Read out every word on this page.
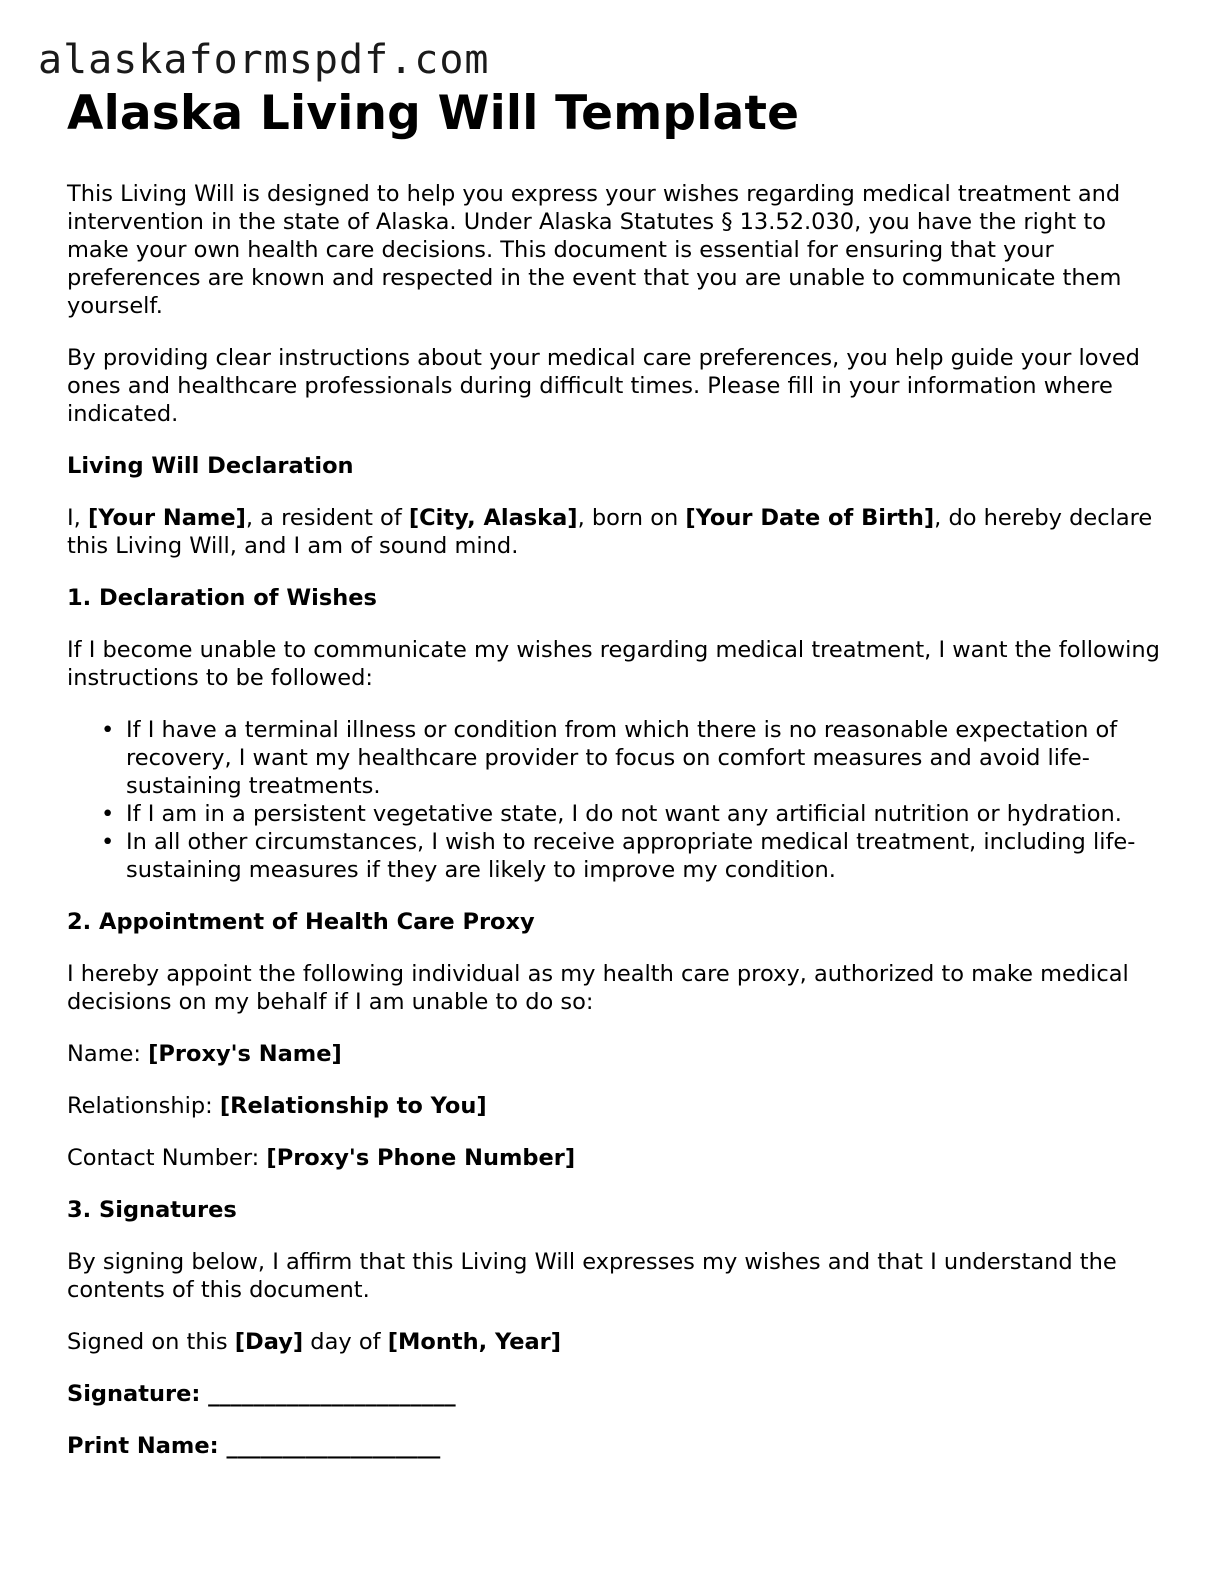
alaskaformspdf.com
Alaska Living Will Template

This Living Will is designed to help you express your wishes regarding medical treatment and intervention in the state of Alaska. Under Alaska Statutes § 13.52.030, you have the right to make your own health care decisions. This document is essential for ensuring that your preferences are known and respected in the event that you are unable to communicate them yourself.

By providing clear instructions about your medical care preferences, you help guide your loved ones and healthcare professionals during difficult times. Please fill in your information where indicated.

Living Will Declaration

I, [Your Name], a resident of [City, Alaska], born on [Your Date of Birth], do hereby declare this Living Will, and I am of sound mind.

1. Declaration of Wishes

If I become unable to communicate my wishes regarding medical treatment, I want the following instructions to be followed:

• If I have a terminal illness or condition from which there is no reasonable expectation of recovery, I want my healthcare provider to focus on comfort measures and avoid life-sustaining treatments.
• If I am in a persistent vegetative state, I do not want any artificial nutrition or hydration.
• In all other circumstances, I wish to receive appropriate medical treatment, including life-sustaining measures if they are likely to improve my condition.

2. Appointment of Health Care Proxy

I hereby appoint the following individual as my health care proxy, authorized to make medical decisions on my behalf if I am unable to do so:

Name: [Proxy's Name]

Relationship: [Relationship to You]

Contact Number: [Proxy's Phone Number]

3. Signatures

By signing below, I affirm that this Living Will expresses my wishes and that I understand the contents of this document.

Signed on this [Day] day of [Month, Year]

Signature: ______________________

Print Name: ___________________
